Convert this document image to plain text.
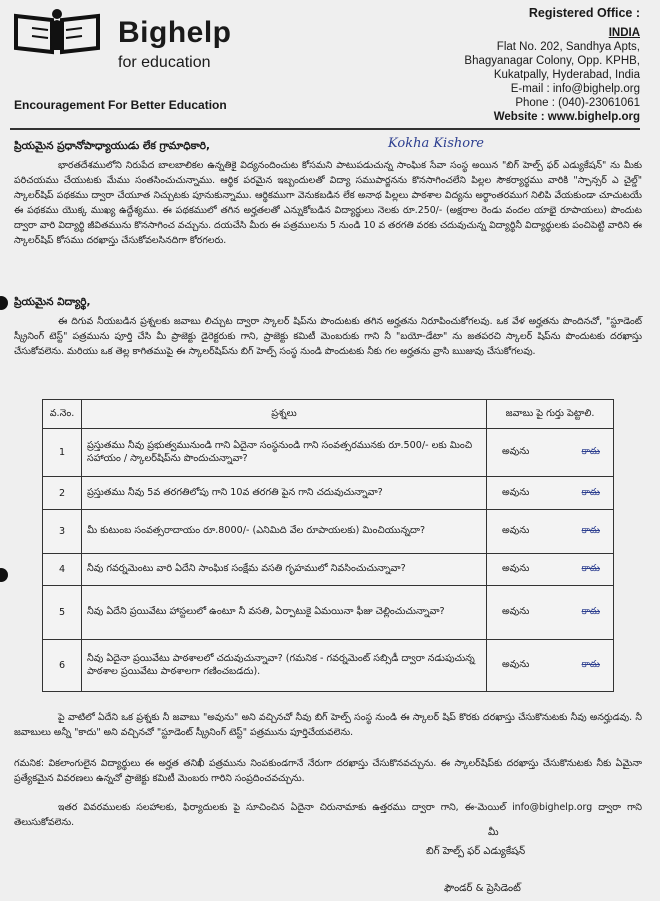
Bighelp
for education
Encouragement For Better Education
Registered Office :
INDIA
Flat No. 202, Sandhya Apts,
Bhagyanagar Colony, Opp. KPHB,
Kukatpally, Hyderabad, India
E-mail : info@bighelp.org
Phone : (040)-23061061
Website : www.bighelp.org
ప్రియమైన ప్రధానోపాధ్యాయుడు లేక గ్రామాధికారి,	Kokha Kishore
భారతదేశములోని నిరుపేద బాలబాలికల ఉన్నతికై విద్యనందించుట కోసమని పాటుపడుచున్న సాంఘిక సేవా సంస్థ అయిన "బిగ్ హెల్ప్ ఫర్ ఎడ్యుకేషన్" ను మీకు పరిచయము చేయుటకు మేము సంతసించుచున్నాము. ఆర్థిక పరమైన ఇబ్బందులతో విద్యా సముపార్జనను కొనసాగించలేని పిల్లల సౌకర్యార్థము వారికి "స్పాన్సర్ ఎ చైల్డ్" స్కాలర్‌షిప్ పథకము ద్వారా చేయూత నిచ్చుటకు పూనుకున్నాము. ఆర్థికముగా వెనుకబడిన లేక అనాథ పిల్లలు పాఠశాల విద్యను అర్థాంతరముగ నిలిపి వేయకుండా చూచుటయే ఈ పథకము యొక్క ముఖ్య ఉద్దేశ్యము. ఈ పథకములో తగిన అర్హతలతో ఎన్నుకోబడిన విద్యార్థులు నెలకు రూ.250/- (అక్షరాల రెండు వందల యాభై రూపాయలు) పొందుట ద్వారా వారి విద్యార్థి జీవితమును కొనసాగించ వచ్చును. దయచేసి మీరు ఈ పత్రములను 5 నుండి 10 వ తరగతి వరకు చదువుచున్న విద్యార్థినీ విద్యార్థులకు పంచిపెట్టి వారిని ఈ స్కాలర్‌షిప్ కోసము దరఖాస్తు చేసుకోవలసినదిగా కోరగలరు.
ప్రియమైన విద్యార్థి,
ఈ దిగువ నీయబడిన ప్రశ్నలకు జవాబు లిచ్చుట ద్వారా స్కాలర్ షిప్‌ను పొందుటకు తగిన అర్హతను నిరూపించుకోగలవు. ఒక వేళ అర్హతను పొందినచో, "స్టూడెంట్ స్క్రీనింగ్ టెస్ట్" పత్రమును పూర్తి చేసి మీ ప్రాజెక్టు డైరెక్టరుకు గాని, ప్రాజెక్టు కమిటీ మెంబరుకు గాని నీ "బయో-డేటా" ను జతపరచి స్కాలర్ షిప్‌ను పొందుటకు దరఖాస్తు చేసుకోవలెను. మరియు ఒక తెల్ల కాగితముపై ఈ స్కాలర్‌షిప్‌ను బిగ్ హెల్ప్ సంస్థ నుండి పొందుటకు నీకు గల అర్హతను వ్రాసి ఋజువు చేసుకోగలవు.
వ.నెం.	ప్రశ్నలు	జవాబు పై గుర్తు పెట్టాలి.
1	ప్రస్తుతము నీవు ప్రభుత్వమునుండి గాని ఏదైనా సంస్థనుండి గాని సంవత్సరమునకు రూ.500/- లకు మించి సహాయం / స్కాలర్‌షిప్‌ను పొందుచున్నావా?	అవును కాదు

2	ప్రస్తుతము నీవు 5వ తరగతిలోపు గాని 10వ తరగతి పైన గాని చదువుచున్నావా?	అవును కాదు

3	మీ కుటుంబ సంవత్సరాదాయం రూ.8000/- (ఎనిమిది వేల రూపాయలకు) మించియున్నదా?	అవును కాదు

4	నీవు గవర్నమెంటు వారి ఏదేని సాంఘిక సంక్షేమ వసతి గృహములో నివసించుచున్నావా?	అవును కాదు

5	నీవు ఏదేని ప్రయివేటు హాస్టలులో ఉంటూ నీ వసతి, ఏర్పాటుకై ఏమయినా ఫీజు చెల్లించుచున్నావా?	అవును కాదు

6	నీవు ఏదైనా ప్రయివేటు పాఠశాలలో చదువుచున్నావా? (గమనిక - గవర్నమెంట్ సబ్సిడీ ద్వారా నడుపుచున్న పాఠశాల ప్రయివేటు పాఠశాలగా గణించబడదు).	అవును కాదు
పై వాటిలో ఏదేని ఒక ప్రశ్నకు నీ జవాబు "అవును" అని వచ్చినచో నీవు బిగ్ హెల్ప్ సంస్థ నుండి ఈ స్కాలర్ షిప్ కొరకు దరఖాస్తు చేసుకొనుటకు నీవు అనర్హుడవు. నీ జవాబులు అన్నీ "కాదు" అని వచ్చినచో "స్టూడెంట్ స్క్రీనింగ్ టెస్ట్" పత్రమును పూర్తిచేయవలెను.
గమనిక: వికలాంగులైన విద్యార్థులు ఈ అర్హత తనిఖీ పత్రమును నింపకుండగానే నేరుగా దరఖాస్తు చేసుకొనవచ్చును. ఈ స్కాలర్‌షిప్‌కు దరఖాస్తు చేసుకొనుటకు నీకు ఏమైనా ప్రత్యేకమైన వివరణలు ఉన్నచో ప్రాజెక్టు కమిటీ మెంబరు గారిని సంప్రదించవచ్చును.
ఇతర వివరములకు సలహాలకు, ఫిర్యాదులకు పై సూచించిన ఏదైనా చిరునామాకు ఉత్తరము ద్వారా గాని, ఈ-మెయిల్ info@bighelp.org ద్వారా గాని తెలుసుకోవలెను.
మీ
బిగ్ హెల్ప్ ఫర్ ఎడ్యుకేషన్
ఫౌండర్ & ప్రెసిడెంట్
